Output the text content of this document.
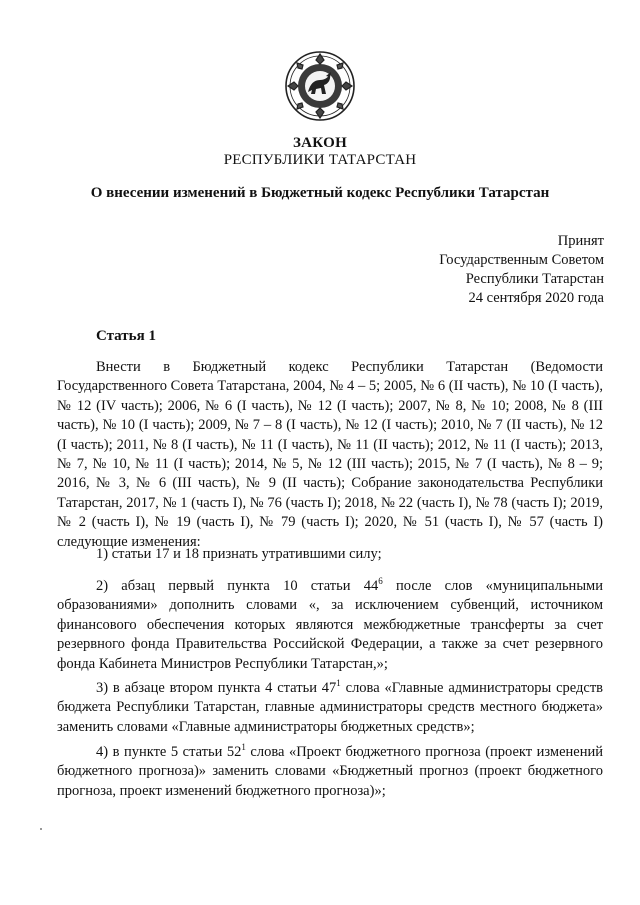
ЗАКОН
РЕСПУБЛИКИ ТАТАРСТАН
О внесении изменений в Бюджетный кодекс Республики Татарстан
Принят
Государственным Советом
Республики Татарстан
24 сентября 2020 года
Статья 1
Внести в Бюджетный кодекс Республики Татарстан (Ведомости Государственного Совета Татарстана, 2004, № 4 – 5; 2005, № 6 (II часть), № 10 (I часть), № 12 (IV часть); 2006, № 6 (I часть), № 12 (I часть); 2007, № 8, № 10; 2008, № 8 (III часть), № 10 (I часть); 2009, № 7 – 8 (I часть), № 12 (I часть); 2010, № 7 (II часть), № 12 (I часть); 2011, № 8 (I часть), № 11 (I часть), № 11 (II часть); 2012, № 11 (I часть); 2013, № 7, № 10, № 11 (I часть); 2014, № 5, № 12 (III часть); 2015, № 7 (I часть), № 8 – 9; 2016, № 3, № 6 (III часть), № 9 (II часть); Собрание законодательства Республики Татарстан, 2017, № 1 (часть I), № 76 (часть I); 2018, № 22 (часть I), № 78 (часть I); 2019, № 2 (часть I), № 19 (часть I), № 79 (часть I); 2020, № 51 (часть I), № 57 (часть I) следующие изменения:
1) статьи 17 и 18 признать утратившими силу;
2) абзац первый пункта 10 статьи $44^6$ после слов «муниципальными образованиями» дополнить словами «, за исключением субвенций, источником финансового обеспечения которых являются межбюджетные трансферты за счет резервного фонда Правительства Российской Федерации, а также за счет резервного фонда Кабинета Министров Республики Татарстан,»;
3) в абзаце втором пункта 4 статьи $47^1$ слова «Главные администраторы средств бюджета Республики Татарстан, главные администраторы средств местного бюджета» заменить словами «Главные администраторы бюджетных средств»;
4) в пункте 5 статьи $52^1$ слова «Проект бюджетного прогноза (проект изменений бюджетного прогноза)» заменить словами «Бюджетный прогноз (проект бюджетного прогноза, проект изменений бюджетного прогноза)»;
